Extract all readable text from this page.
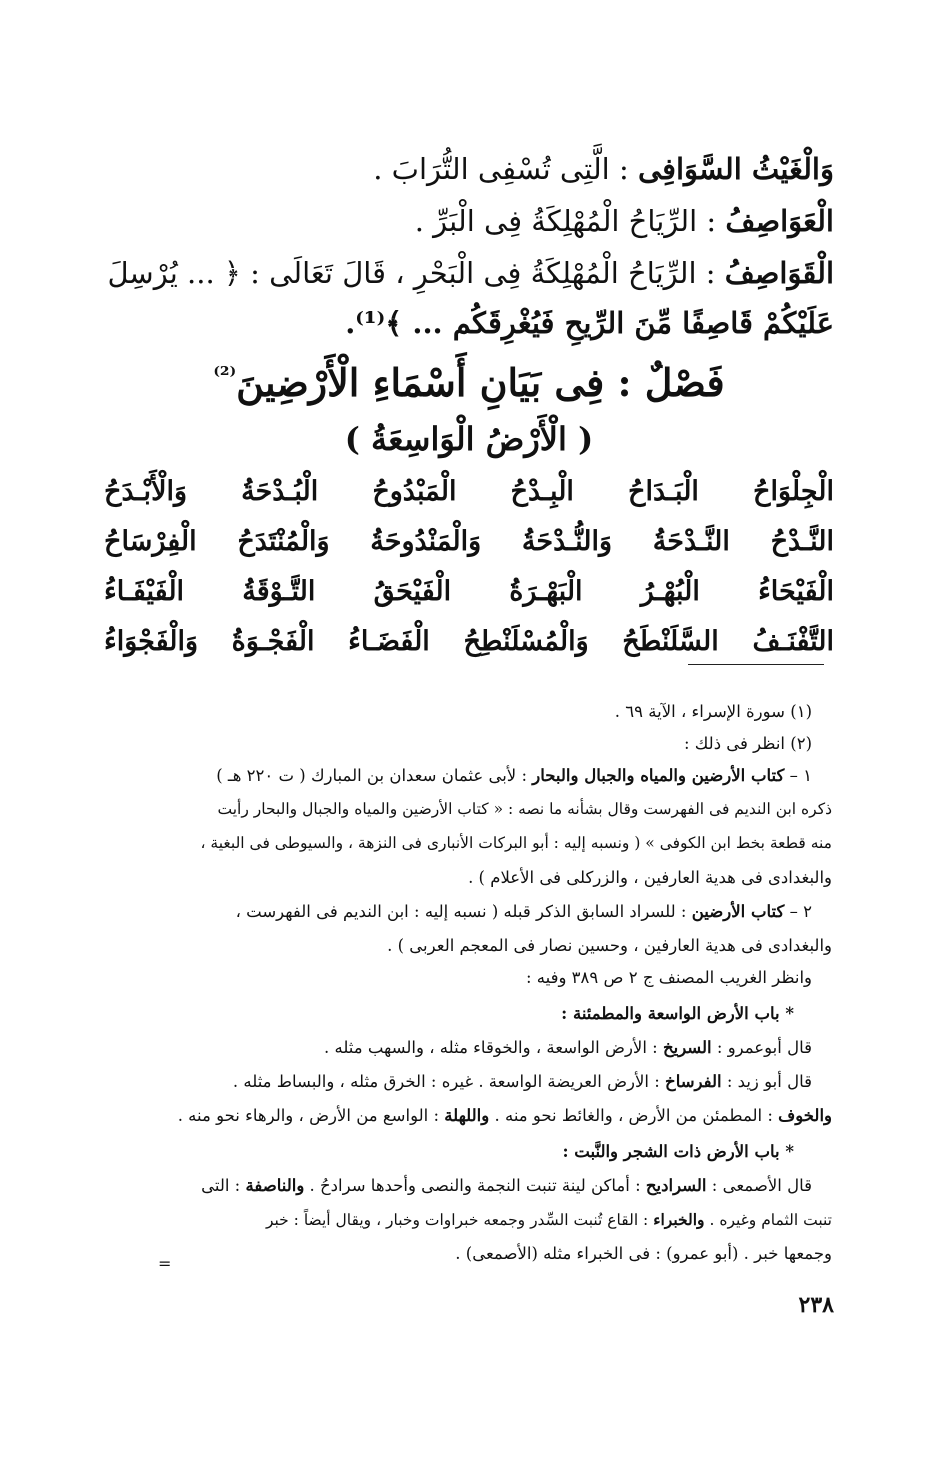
وَالْغَيْثُ السَّوَافِى : الَّتِى تُسْفِى التُّرَابَ .
الْعَوَاصِفُ : الرِّيَاحُ الْمُهْلِكَةُ فِى الْبَرِّ .
الْقَوَاصِفُ : الرِّيَاحُ الْمُهْلِكَةُ فِى الْبَحْرِ ، قَالَ تَعَالَى : ﴿ ... يُرْسِلَ
عَلَيْكُمْ قَاصِفًا مِّنَ الرِّيحِ فَيُغْرِقَكُم ... ﴾⁽¹⁾.
فَصْلٌ : فِى بَيَانِ أَسْمَاءِ الْأَرْضِينَ$^{^{(2)}}$
( الْأَرْضُ الْوَاسِعَةُ )
الْجِلْوَاحُ
الْبَـدَاحُ
الْبِـدْحُ
الْمَبْدُوحُ
الْبُـدْحَةُ
وَالْأَبْـدَحُ
النَّـدْحُ
النَّـدْحَةُ
وَالنُّـدْحَةُ
وَالْمَنْدُوحَةُ
وَالْمُنْتَدَحُ
الْفِرْسَاحُ
الْفَيْحَاءُ
الْبُهْـرُ
الْبَهْـرَةُ
الْفَيْحَقُ
التَّـوْقَةُ
الْفَيْفَـاءُ
التَّفْنَـفُ
السَّلَنْطَحُ
وَالْمُسْلَنْطِحُ
الْفَضَـاءُ
الْفَجْـوَةُ
وَالْفَجْوَاءُ
(١) سورة الإسراء ، الآية ٦٩ .
(٢) انظر فى ذلك :
١ – كتاب الأرضين والمياه والجبال والبحار : لأبى عثمان سعدان بن المبارك ( ت ٢٢٠ هـ )
ذكره ابن النديم فى الفهرست وقال بشأنه ما نصه : « كتاب الأرضين والمياه والجبال والبحار رأيت
منه قطعة بخط ابن الكوفى » ( ونسبه إليه : أبو البركات الأنبارى فى النزهة ، والسيوطى فى البغية ،
والبغدادى فى هدية العارفين ، والزركلى فى الأعلام ) .
٢ – كتاب الأرضين : للسراد السابق الذكر قبله ( نسبه إليه : ابن النديم فى الفهرست ،
والبغدادى فى هدية العارفين ، وحسين نصار فى المعجم العربى ) .
وانظر الغريب المصنف ج ٢ ص ٣٨٩ وفيه :
* باب الأرض الواسعة والمطمئنة :
قال أبوعمرو : السريخ : الأرض الواسعة ، والخوقاء مثله ، والسهب مثله .
قال أبو زيد : الفرساخ : الأرض العريضة الواسعة . غيره : الخرق مثله ، والبساط مثله .
والخوف : المطمئن من الأرض ، والغائط نحو منه . واللهلة : الواسع من الأرض ، والرهاء نحو منه .
* باب الأرض ذات الشجر والنَّبت :
قال الأصمعى : السراديح : أماكن لينة تنبت النجمة والنصى وأحدها سرادحُ . والناصفة : التى
تنبت الثمام وغيره . والخبراء : القاع تُنبت السِّدر وجمعه خبراوات وخبار ، ويقال أيضاً : خبر
وجمعها خبر . (أبو عمرو) : فى الخبراء مثله (الأصمعى) .
=
٢٣٨
